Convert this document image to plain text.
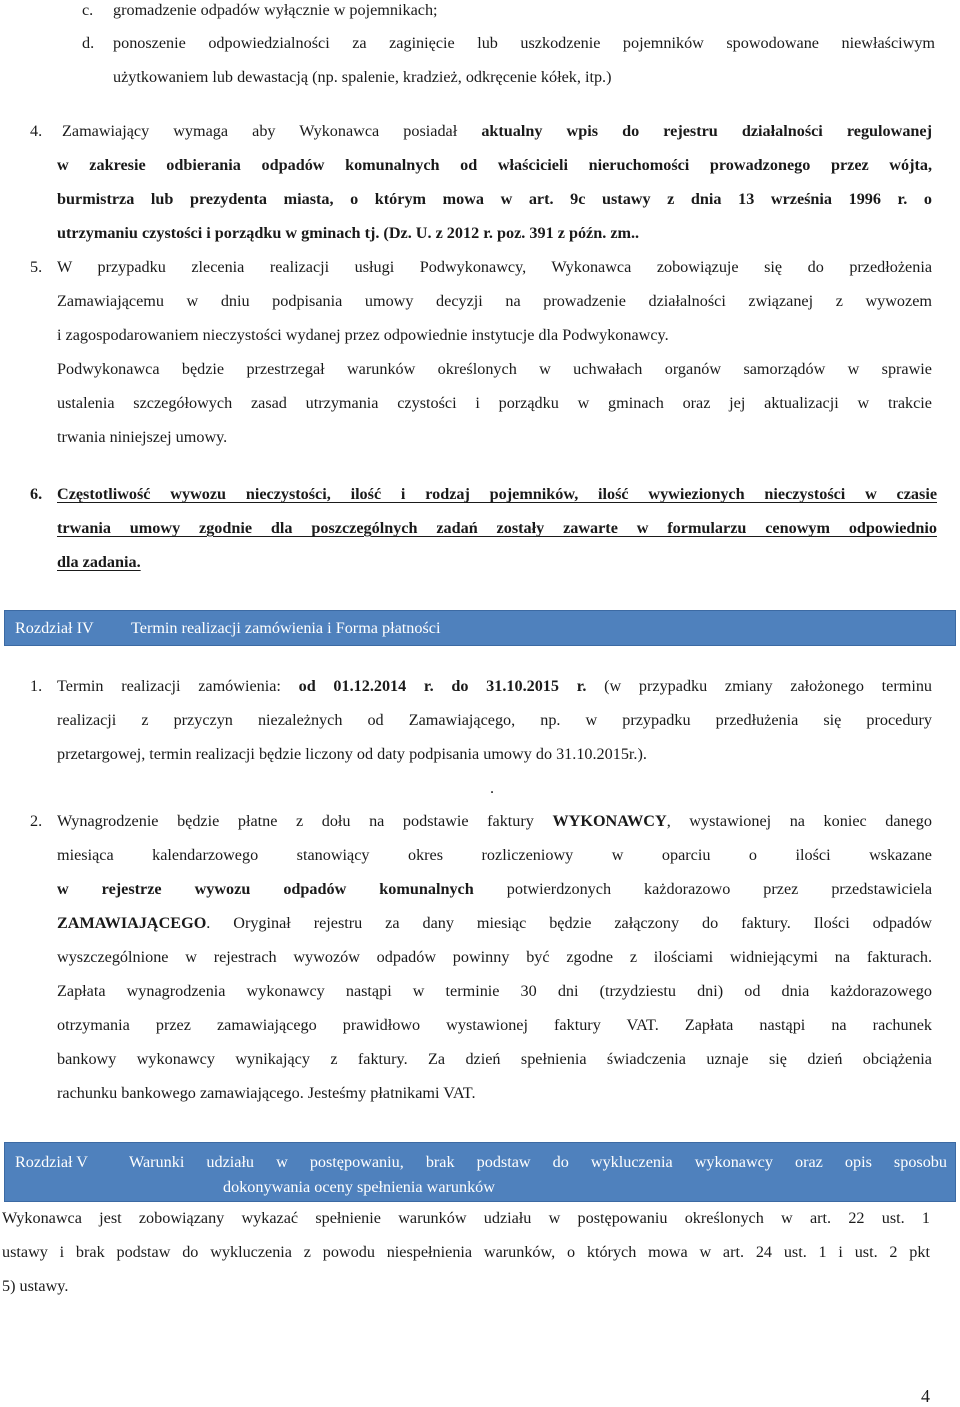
c. gromadzenie odpadów wyłącznie w pojemnikach;
d. ponoszenie odpowiedzialności za zaginięcie lub uszkodzenie pojemników spowodowane niewłaściwym
użytkowaniem lub dewastacją (np. spalenie, kradzież, odkręcenie kółek, itp.)
4. Zamawiający wymaga aby Wykonawca posiadał aktualny wpis do rejestru działalności regulowanej
w zakresie odbierania odpadów komunalnych od właścicieli nieruchomości prowadzonego przez wójta,
burmistrza lub prezydenta miasta, o którym mowa w art. 9c ustawy z dnia 13 września 1996 r. o
utrzymaniu czystości i porządku w gminach tj. (Dz. U. z 2012 r. poz. 391 z późn. zm..
5. W przypadku zlecenia realizacji usługi Podwykonawcy, Wykonawca zobowiązuje się do przedłożenia
Zamawiającemu w dniu podpisania umowy decyzji na prowadzenie działalności związanej z wywozem
i zagospodarowaniem nieczystości wydanej przez odpowiednie instytucje dla Podwykonawcy.
Podwykonawca będzie przestrzegał warunków określonych w uchwałach organów samorządów w sprawie
ustalenia szczegółowych zasad utrzymania czystości i porządku w gminach oraz jej aktualizacji w trakcie
trwania niniejszej umowy.
6. Częstotliwość wywozu nieczystości, ilość i rodzaj pojemników, ilość wywiezionych nieczystości w czasie
trwania umowy zgodnie dla poszczególnych zadań zostały zawarte w formularzu cenowym odpowiednio
dla zadania.
Rozdział IV Termin realizacji zamówienia i Forma płatności
1. Termin realizacji zamówienia: od 01.12.2014 r. do 31.10.2015 r. (w przypadku zmiany założonego terminu
realizacji z przyczyn niezależnych od Zamawiającego, np. w przypadku przedłużenia się procedury
przetargowej, termin realizacji będzie liczony od daty podpisania umowy do 31.10.2015r.).
.
2. Wynagrodzenie będzie płatne z dołu na podstawie faktury WYKONAWCY, wystawionej na koniec danego
miesiąca kalendarzowego stanowiący okres rozliczeniowy w oparciu o ilości wskazane
w rejestrze wywozu odpadów komunalnych potwierdzonych każdorazowo przez przedstawiciela
ZAMAWIAJĄCEGO. Oryginał rejestru za dany miesiąc będzie załączony do faktury. Ilości odpadów
wyszczególnione w rejestrach wywozów odpadów powinny być zgodne z ilościami widniejącymi na fakturach.
Zapłata wynagrodzenia wykonawcy nastąpi w terminie 30 dni (trzydziestu dni) od dnia każdorazowego
otrzymania przez zamawiającego prawidłowo wystawionej faktury VAT. Zapłata nastąpi na rachunek
bankowy wykonawcy wynikający z faktury. Za dzień spełnienia świadczenia uznaje się dzień obciążenia
rachunku bankowego zamawiającego. Jesteśmy płatnikami VAT.
Rozdział V	Warunki udziału w postępowaniu, brak podstaw do wykluczenia wykonawcy oraz opis sposobu
dokonywania oceny spełnienia warunków
Wykonawca jest zobowiązany wykazać spełnienie warunków udziału w postępowaniu określonych w art. 22 ust. 1
ustawy i brak podstaw do wykluczenia z powodu niespełnienia warunków, o których mowa w art. 24 ust. 1 i ust. 2 pkt
5) ustawy.
4
